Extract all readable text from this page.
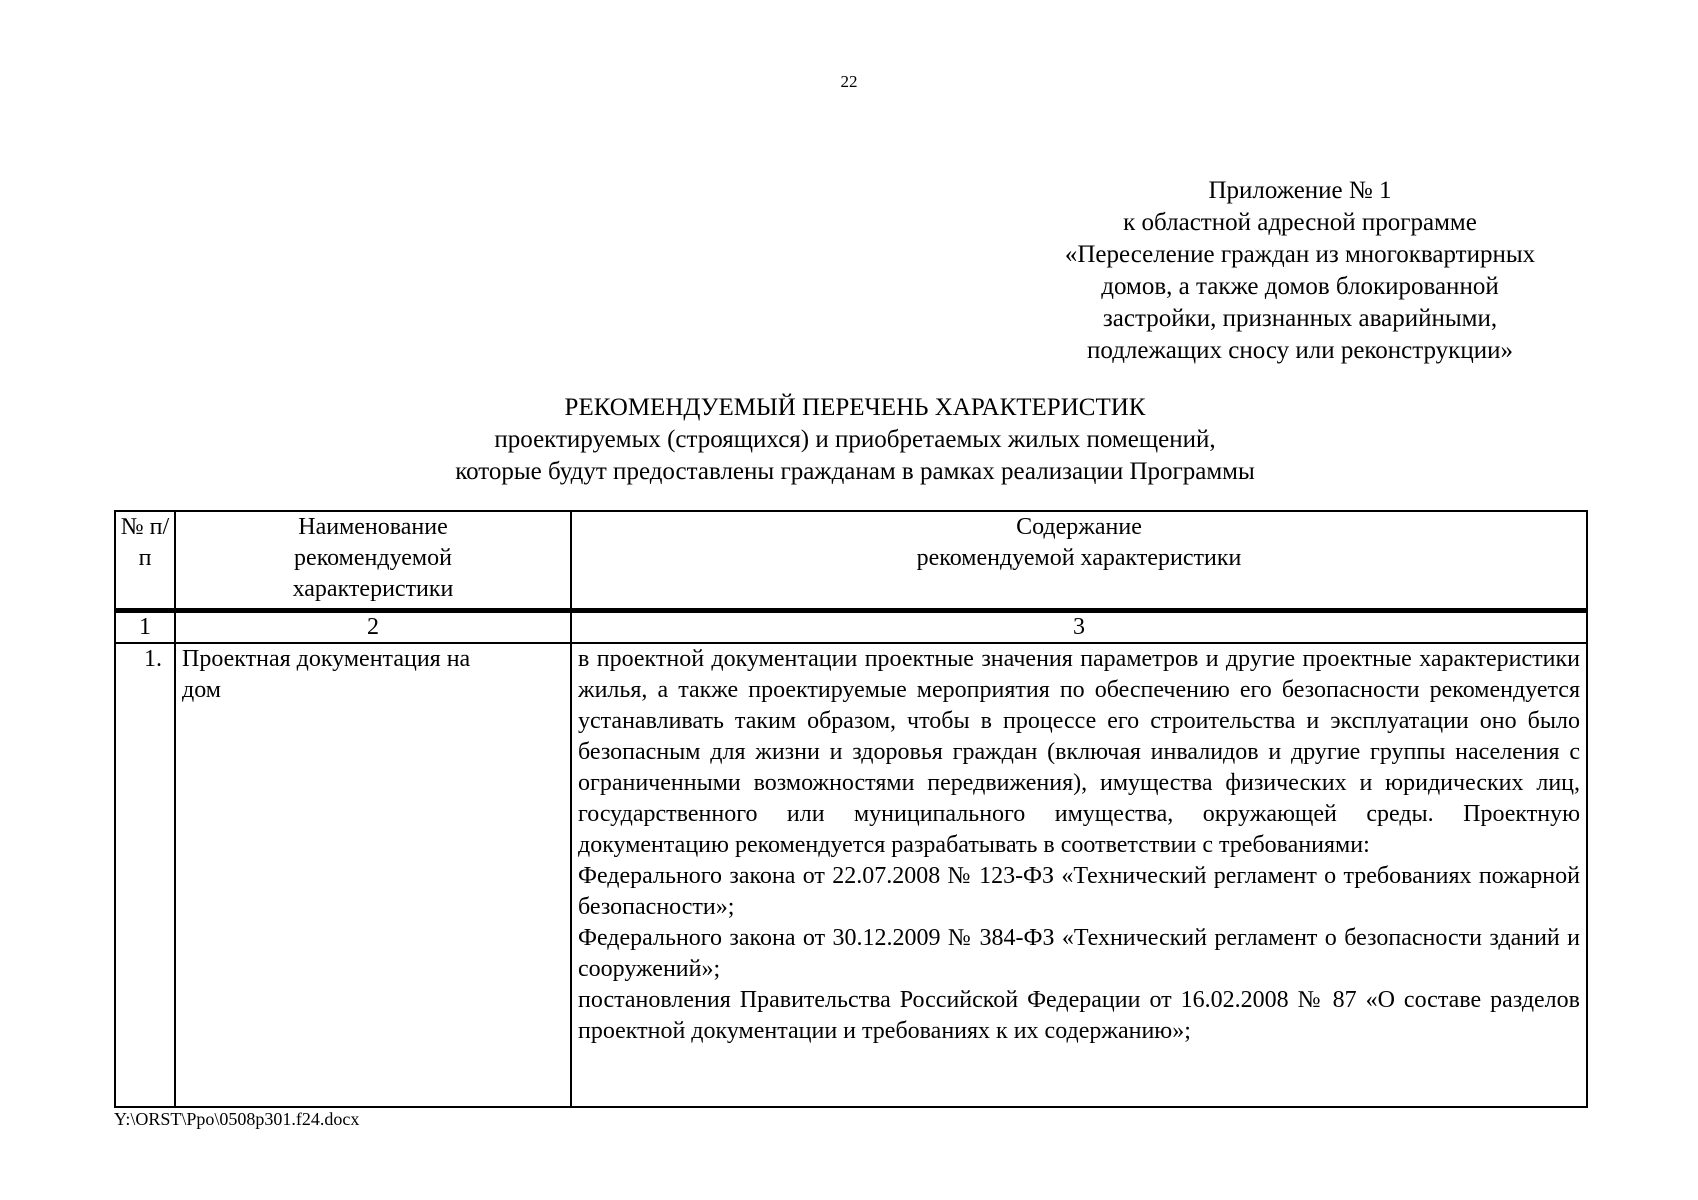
22
Приложение № 1
к областной адресной программе
«Переселение граждан из многоквартирных
домов, а также домов блокированной
застройки, признанных аварийными,
подлежащих сносу или реконструкции»
РЕКОМЕНДУЕМЫЙ ПЕРЕЧЕНЬ ХАРАКТЕРИСТИК
проектируемых (строящихся) и приобретаемых жилых помещений,
которые будут предоставлены гражданам в рамках реализации Программы
№ п/п	Наименование рекомендуемой характеристики	Содержание
рекомендуемой характеристики

1	2	3
1.	Проектная документация на дом	в проектной документации проектные значения параметров и другие проектные характеристики жилья, а также проектируемые мероприятия по обеспечению его безопасности рекомендуется устанавливать таким образом, чтобы в процессе его строительства и эксплуатации оно было безопасным для жизни и здоровья граждан (включая инвалидов и другие группы населения с ограниченными возможностями передвижения), имущества физических и юридических лиц, государственного или муниципального имущества, окружающей среды. Проектную документацию рекомендуется разрабатывать в соответствии с требованиями:
Федерального закона от 22.07.2008 № 123-ФЗ «Технический регламент о требованиях пожарной безопасности»;
Федерального закона от 30.12.2009 № 384-ФЗ «Технический регламент о безопасности зданий и сооружений»;
постановления Правительства Российской Федерации от 16.02.2008 № 87 «О составе разделов проектной документации и требованиях к их содержанию»;
Y:\ORST\Ppo\0508p301.f24.docx
